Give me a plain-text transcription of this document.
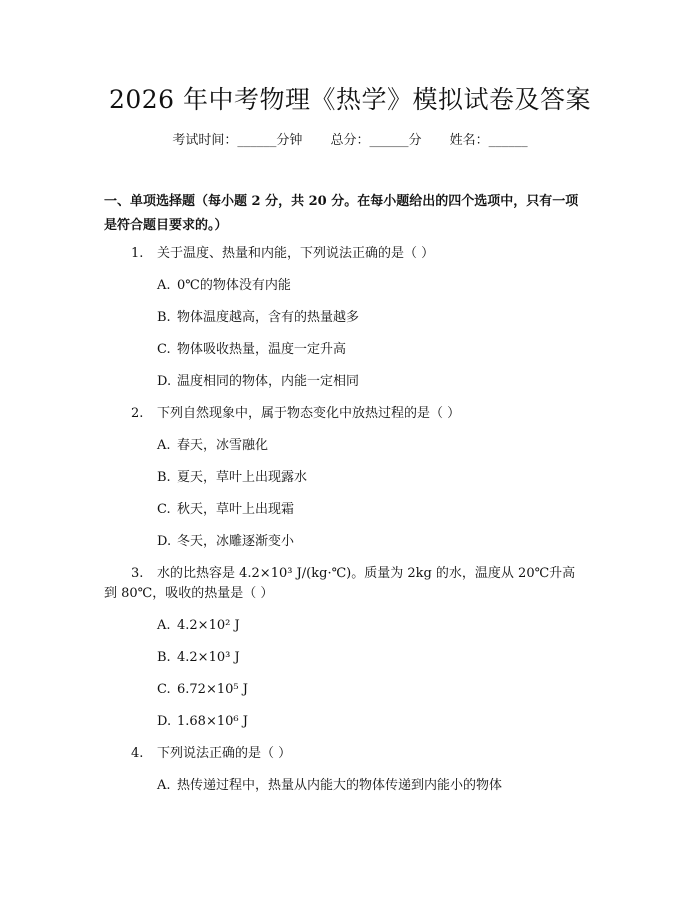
2026 年中考物理《热学》模拟试卷及答案
考试时间：______分钟 总分：______分 姓名：______
一、单项选择题（每小题 2 分，共 20 分。在每小题给出的四个选项中，只有一项
是符合题目要求的。）
1. 关于温度、热量和内能，下列说法正确的是（ ）
A. 0℃的物体没有内能
B. 物体温度越高，含有的热量越多
C. 物体吸收热量，温度一定升高
D. 温度相同的物体，内能一定相同
2. 下列自然现象中，属于物态变化中放热过程的是（ ）
A. 春天，冰雪融化
B. 夏天，草叶上出现露水
C. 秋天，草叶上出现霜
D. 冬天，冰雕逐渐变小
3. 水的比热容是 4.2×10³ J/(kg·℃)。质量为 2kg 的水，温度从 20℃升高
到 80℃，吸收的热量是（ ）
A. 4.2×10² J
B. 4.2×10³ J
C. 6.72×10⁵ J
D. 1.68×10⁶ J
4. 下列说法正确的是（ ）
A. 热传递过程中，热量从内能大的物体传递到内能小的物体
